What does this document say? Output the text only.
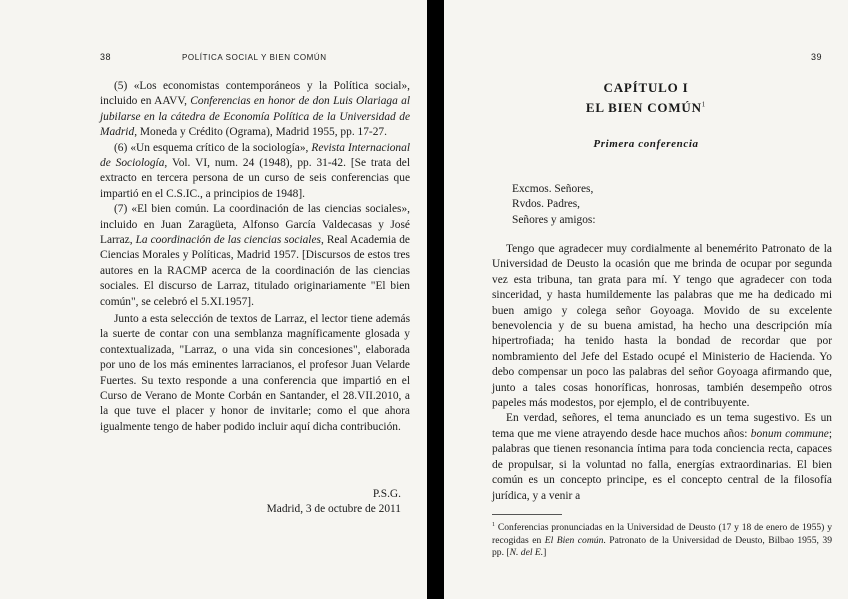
38	POLÍTICA SOCIAL Y BIEN COMÚN

(5) «Los economistas contemporáneos y la Política social», incluido en AAVV, Conferencias en honor de don Luis Olariaga al jubilarse en la cátedra de Economía Política de la Universidad de Madrid, Moneda y Crédito (Ograma), Madrid 1955, pp. 17-27.

(6) «Un esquema crítico de la sociología», Revista Internacional de Sociología, Vol. VI, num. 24 (1948), pp. 31-42. [Se trata del extracto en tercera persona de un curso de seis conferencias que impartió en el C.S.IC., a principios de 1948].

(7) «El bien común. La coordinación de las ciencias sociales», incluido en Juan Zaragüeta, Alfonso García Valdecasas y José Larraz, La coordinación de las ciencias sociales, Real Academia de Ciencias Morales y Políticas, Madrid 1957. [Discursos de estos tres autores en la RACMP acerca de la coordinación de las ciencias sociales. El discurso de Larraz, titulado originariamente "El bien común", se celebró el 5.XI.1957].

Junto a esta selección de textos de Larraz, el lector tiene además la suerte de contar con una semblanza magníficamente glosada y contextualizada, "Larraz, o una vida sin concesiones", elaborada por uno de los más eminentes larracianos, el profesor Juan Velarde Fuertes. Su texto responde a una conferencia que impartió en el Curso de Verano de Monte Corbán en Santander, el 28.VII.2010, a la que tuve el placer y honor de invitarle; como el que ahora igualmente tengo de haber podido incluir aquí dicha contribución.

P.S.G.
Madrid, 3 de octubre de 2011
39
CAPÍTULO I
EL BIEN COMÚN$^1$
Primera conferencia
Excmos. Señores,
Rvdos. Padres,
Señores y amigos:

Tengo que agradecer muy cordialmente al benemérito Patronato de la Universidad de Deusto la ocasión que me brinda de ocupar por segunda vez esta tribuna, tan grata para mí. Y tengo que agradecer con toda sinceridad, y hasta humildemente las palabras que me ha dedicado mi buen amigo y colega señor Goyoaga. Movido de su excelente benevolencia y de su buena amistad, ha hecho una descripción mía hipertrofiada; ha tenido hasta la bondad de recordar que por nombramiento del Jefe del Estado ocupé el Ministerio de Hacienda. Yo debo compensar un poco las palabras del señor Goyoaga afirmando que, junto a tales cosas honoríficas, honrosas, también desempeño otros papeles más modestos, por ejemplo, el de contribuyente.

En verdad, señores, el tema anunciado es un tema sugestivo. Es un tema que me viene atrayendo desde hace muchos años: bonum commune; palabras que tienen resonancia íntima para toda conciencia recta, capaces de propulsar, si la voluntad no falla, energías extraordinarias. El bien común es un concepto principe, es el concepto central de la filosofía jurídica, y a venir a

$^1$ Conferencias pronunciadas en la Universidad de Deusto (17 y 18 de enero de 1955) y recogidas en El Bien común. Patronato de la Universidad de Deusto, Bilbao 1955, 39 pp. [N. del E.]
